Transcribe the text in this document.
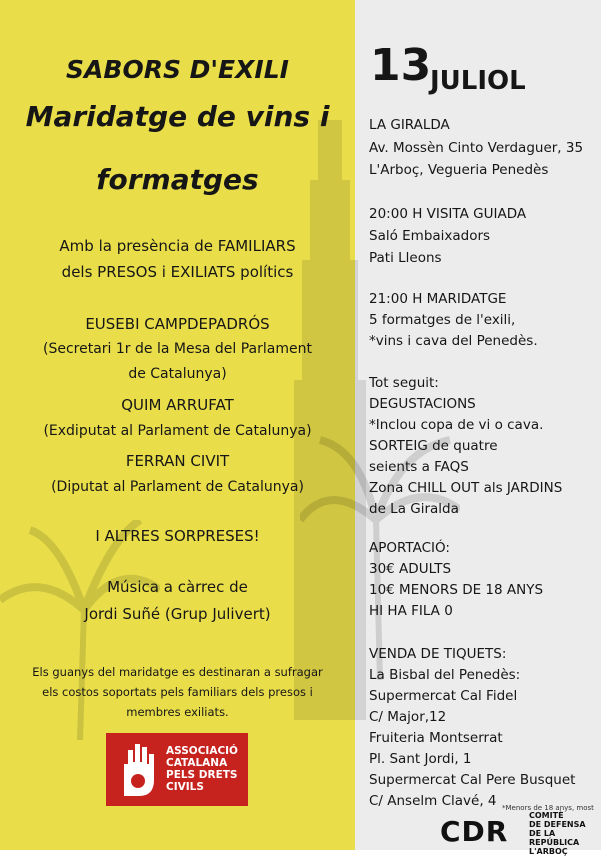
SABORS D'EXILI
Maridatge de vins i
formatges
Amb la presència de FAMILIARS
dels PRESOS i EXILIATS polítics
EUSEBI CAMPDEPADRÓS
(Secretari 1r de la Mesa del Parlament
de Catalunya)
QUIM ARRUFAT
(Exdiputat al Parlament de Catalunya)
FERRAN CIVIT
(Diputat al Parlament de Catalunya)
I ALTRES SORPRESES!
Música a càrrec de
Jordi Suñé (Grup Julivert)
Els guanys del maridatge es destinaran a sufragar
els costos soportats pels familiars dels presos i
membres exiliats.
ASSOCIACIÓ
CATALANA
PELS DRETS
CIVILS
13
JULIOL
LA GIRALDA
Av. Mossèn Cinto Verdaguer, 35
L'Arboç, Vegueria Penedès
20:00 H VISITA GUIADA
Saló Embaixadors
Pati Lleons
21:00 H MARIDATGE
5 formatges de l'exili,
*vins i cava del Penedès.
Tot seguit:
DEGUSTACIONS
*Inclou copa de vi o cava.
SORTEIG de quatre
seients a FAQS
Zona CHILL OUT als JARDINS
de La Giralda
APORTACIÓ:
30€ ADULTS
10€ MENORS DE 18 ANYS
HI HA FILA 0
VENDA DE TIQUETS:
La Bisbal del Penedès:
Supermercat Cal Fidel
C/ Major,12
Fruiteria Montserrat
Pl. Sant Jordi, 1
Supermercat Cal Pere Busquet
C/ Anselm Clavé, 4 *Menors de 18 anys, most
CDR	COMITÈ
DE DEFENSA
DE LA REPÚBLICA
L'ARBOÇ
